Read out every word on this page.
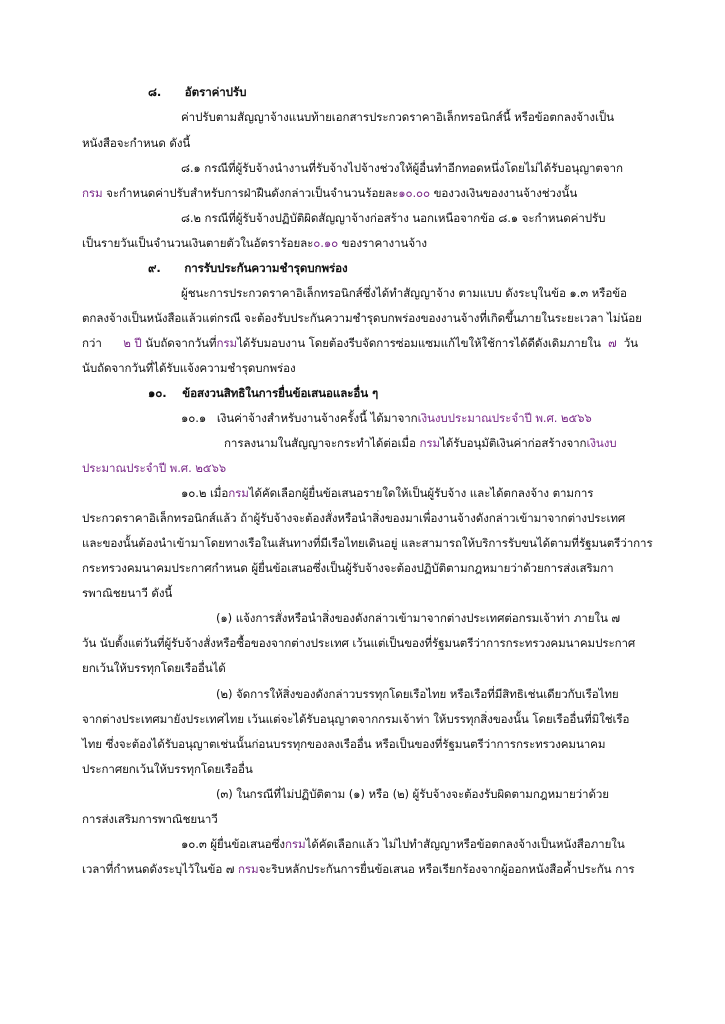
๘. อัตราค่าปรับ
ค่าปรับตามสัญญาจ้างแนบท้ายเอกสารประกวดราคาอิเล็กทรอนิกส์นี้ หรือข้อตกลงจ้างเป็น
หนังสือจะกำหนด ดังนี้
๘.๑ กรณีที่ผู้รับจ้างนำงานที่รับจ้างไปจ้างช่วงให้ผู้อื่นทำอีกทอดหนึ่งโดยไม่ได้รับอนุญาตจาก
กรม จะกำหนดค่าปรับสำหรับการฝ่าฝืนดังกล่าวเป็นจำนวนร้อยละ๑๐.๐๐ ของวงเงินของงานจ้างช่วงนั้น
๘.๒ กรณีที่ผู้รับจ้างปฏิบัติผิดสัญญาจ้างก่อสร้าง นอกเหนือจากข้อ ๘.๑ จะกำหนดค่าปรับ
เป็นรายวันเป็นจำนวนเงินตายตัวในอัตราร้อยละ๐.๑๐ ของราคางานจ้าง
๙. การรับประกันความชำรุดบกพร่อง
ผู้ชนะการประกวดราคาอิเล็กทรอนิกส์ซึ่งได้ทำสัญญาจ้าง ตามแบบ ดังระบุในข้อ ๑.๓ หรือข้อ
ตกลงจ้างเป็นหนังสือแล้วแต่กรณี จะต้องรับประกันความชำรุดบกพร่องของงานจ้างที่เกิดขึ้นภายในระยะเวลา ไม่น้อย
กว่า ๒ ปี นับถัดจากวันที่กรมได้รับมอบงาน โดยต้องรีบจัดการซ่อมแซมแก้ไขให้ใช้การได้ดีดังเดิมภายใน ๗ วัน
นับถัดจากวันที่ได้รับแจ้งความชำรุดบกพร่อง
๑๐. ข้อสงวนสิทธิในการยื่นข้อเสนอและอื่น ๆ
๑๐.๑ เงินค่าจ้างสำหรับงานจ้างครั้งนี้ ได้มาจากเงินงบประมาณประจำปี พ.ศ. ๒๕๖๖
การลงนามในสัญญาจะกระทำได้ต่อเมื่อ กรมได้รับอนุมัติเงินค่าก่อสร้างจากเงินงบ
ประมาณประจำปี พ.ศ. ๒๕๖๖
๑๐.๒ เมื่อกรมได้คัดเลือกผู้ยื่นข้อเสนอรายใดให้เป็นผู้รับจ้าง และได้ตกลงจ้าง ตามการ
ประกวดราคาอิเล็กทรอนิกส์แล้ว ถ้าผู้รับจ้างจะต้องสั่งหรือนำสิ่งของมาเพื่องานจ้างดังกล่าวเข้ามาจากต่างประเทศ
และของนั้นต้องนำเข้ามาโดยทางเรือในเส้นทางที่มีเรือไทยเดินอยู่ และสามารถให้บริการรับขนได้ตามที่รัฐมนตรีว่าการ
กระทรวงคมนาคมประกาศกำหนด ผู้ยื่นข้อเสนอซึ่งเป็นผู้รับจ้างจะต้องปฏิบัติตามกฎหมายว่าด้วยการส่งเสริมกา
รพาณิชยนาวี ดังนี้
(๑) แจ้งการสั่งหรือนำสิ่งของดังกล่าวเข้ามาจากต่างประเทศต่อกรมเจ้าท่า ภายใน ๗
วัน นับตั้งแต่วันที่ผู้รับจ้างสั่งหรือซื้อของจากต่างประเทศ เว้นแต่เป็นของที่รัฐมนตรีว่าการกระทรวงคมนาคมประกาศ
ยกเว้นให้บรรทุกโดยเรืออื่นได้
(๒) จัดการให้สิ่งของดังกล่าวบรรทุกโดยเรือไทย หรือเรือที่มีสิทธิเช่นเดียวกับเรือไทย
จากต่างประเทศมายังประเทศไทย เว้นแต่จะได้รับอนุญาตจากกรมเจ้าท่า ให้บรรทุกสิ่งของนั้น โดยเรืออื่นที่มิใช่เรือ
ไทย ซึ่งจะต้องได้รับอนุญาตเช่นนั้นก่อนบรรทุกของลงเรืออื่น หรือเป็นของที่รัฐมนตรีว่าการกระทรวงคมนาคม
ประกาศยกเว้นให้บรรทุกโดยเรืออื่น
(๓) ในกรณีที่ไม่ปฏิบัติตาม (๑) หรือ (๒) ผู้รับจ้างจะต้องรับผิดตามกฎหมายว่าด้วย
การส่งเสริมการพาณิชยนาวี
๑๐.๓ ผู้ยื่นข้อเสนอซึ่งกรมได้คัดเลือกแล้ว ไม่ไปทำสัญญาหรือข้อตกลงจ้างเป็นหนังสือภายใน
เวลาที่กำหนดดังระบุไว้ในข้อ ๗ กรมจะริบหลักประกันการยื่นข้อเสนอ หรือเรียกร้องจากผู้ออกหนังสือค้ำประกัน การ
